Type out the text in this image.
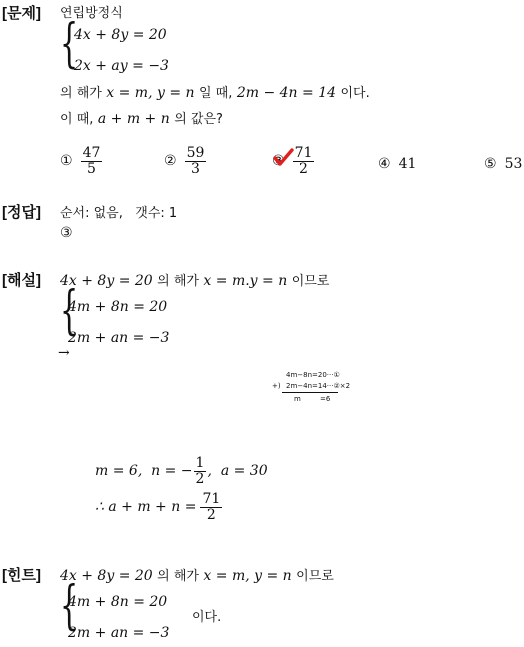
[문제] 연립방정식
{
4x + 8y = 20
2x + ay = −3
의 해가 x = m, y = n 일 때, 2m − 4n = 14 이다.
이 때, a + m + n 의 값은?
① $\frac{47}{5}$	② $\frac{59}{3}$	③ $\frac{71}{2}$	④ 41	⑤ 53
[정답] 순서: 없음,   갯수: 1
③
[해설] 4x + 8y = 20 의 해가 x = m.y = n 이므로
{
4m + 8n = 20
2m + an = −3
→
4m−8n=20···①
+) 2m−4n=14···②×2
m	=6
m = 6,  n = − $\frac{1}{2}$ ,  a = 30
∴ $a + m + n = \frac{71}{2}$
[힌트] 4x + 8y = 20 의 해가 x = m, y = n 이므로
{
4m + 8n = 20
2m + an = −3
이다.
